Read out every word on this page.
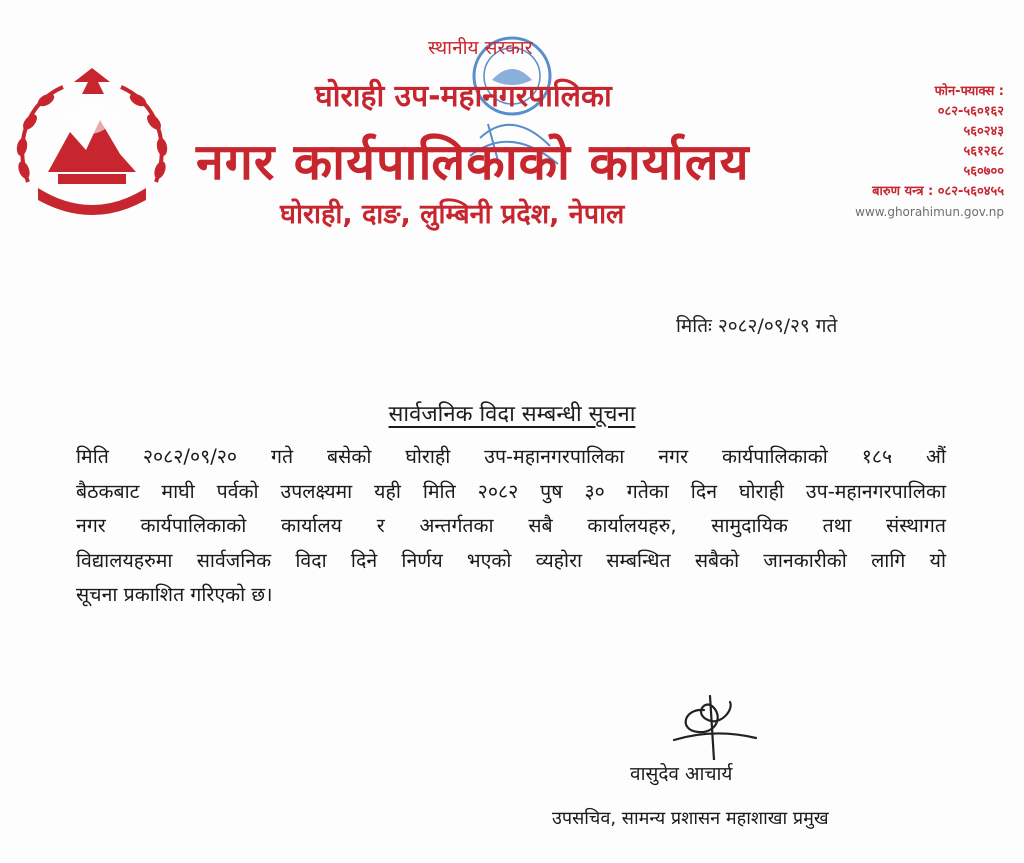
स्थानीय सरकार
घोराही उप-महानगरपालिका
नगर कार्यपालिकाको कार्यालय
घोराही, दाङ, लुम्बिनी प्रदेश, नेपाल
फोन-फ्याक्स :
०८२-५६०१६२
५६०२४३
५६१२६८
५६०७००
बारुण यन्त्र : ०८२-५६०४५५
www.ghorahimun.gov.np
मितिः २०८२/०९/२९ गते
सार्वजनिक विदा सम्बन्धी सूचना
मिति २०८२/०९/२० गते बसेको घोराही उप-महानगरपालिका नगर कार्यपालिकाको १८५ औं
बैठकबाट माघी पर्वको उपलक्ष्यमा यही मिति २०८२ पुष ३० गतेका दिन घोराही उप-महानगरपालिका
नगर कार्यपालिकाको कार्यालय र अन्तर्गतका सबै कार्यालयहरु, सामुदायिक तथा संस्थागत
विद्यालयहरुमा सार्वजनिक विदा दिने निर्णय भएको व्यहोरा सम्बन्धित सबैको जानकारीको लागि यो
सूचना प्रकाशित गरिएको छ।
वासुदेव आचार्य
उपसचिव, सामन्य प्रशासन महाशाखा प्रमुख
